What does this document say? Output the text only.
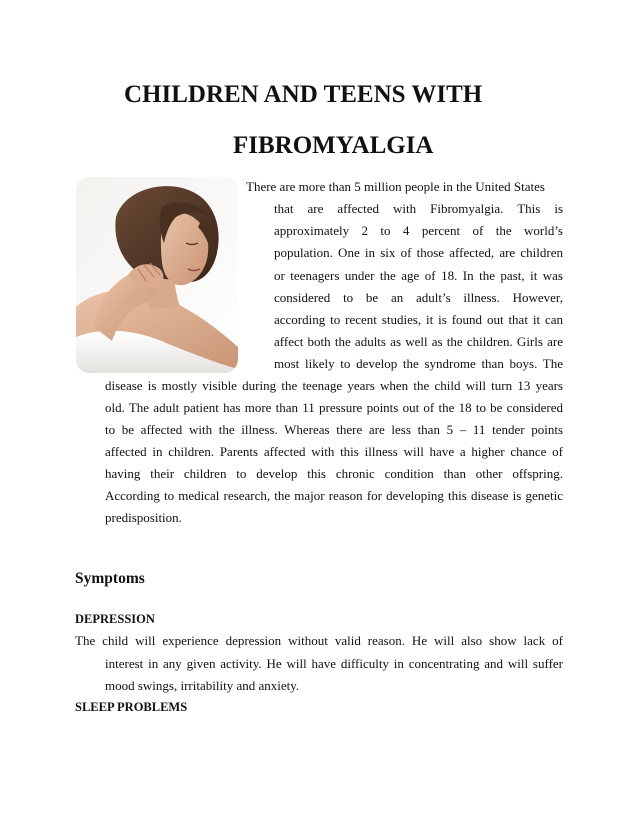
CHILDREN AND TEENS WITH
FIBROMYALGIA

There are more than 5 million people in the United States

that are affected with Fibromyalgia. This is

approximately 2 to 4 percent of the world’s

population. One in six of those affected, are children

or teenagers under the age of 18. In the past, it was

considered to be an adult’s illness. However,

according to recent studies, it is found out that it can

affect both the adults as well as the children. Girls are

most likely to develop the syndrome than boys. The

disease is mostly visible during the teenage years when the child will turn 13 years

old. The adult patient has more than 11 pressure points out of the 18 to be considered

to be affected with the illness. Whereas there are less than 5 – 11 tender points

affected in children. Parents affected with this illness will have a higher chance of

having their children to develop this chronic condition than other offspring.

According to medical research, the major reason for developing this disease is genetic

predisposition.

Symptoms
DEPRESSION

The child will experience depression without valid reason. He will also show lack of

interest in any given activity. He will have difficulty in concentrating and will suffer

mood swings, irritability and anxiety.

SLEEP PROBLEMS
